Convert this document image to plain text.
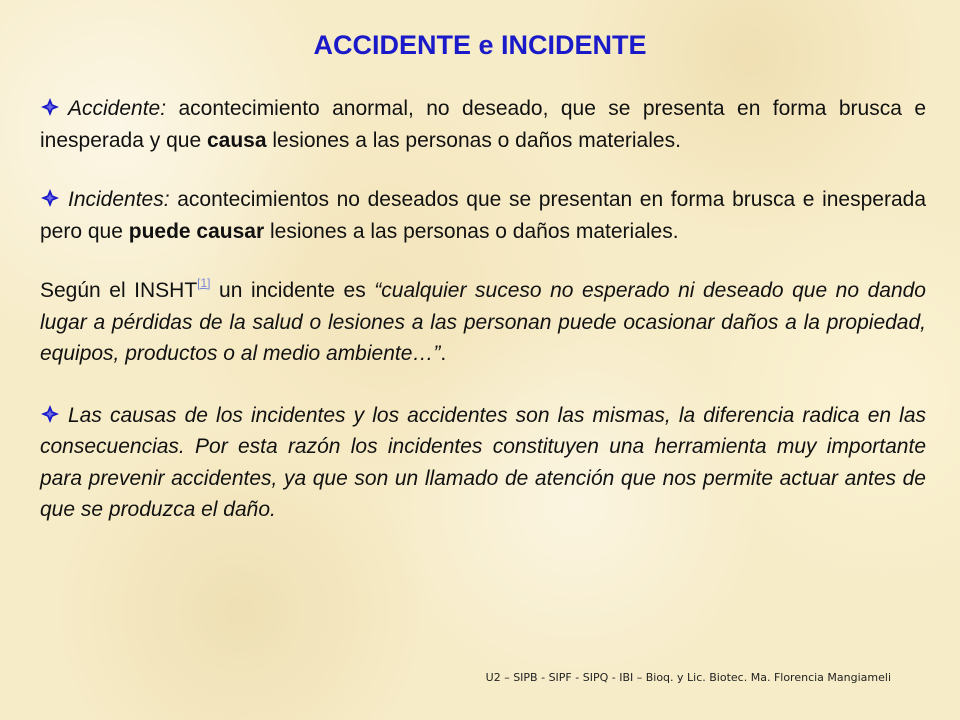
ACCIDENTE e INCIDENTE

Accidente: acontecimiento anormal, no deseado, que se presenta en forma brusca e inesperada y que causa lesiones a las personas o daños materiales.

Incidentes: acontecimientos no deseados que se presentan en forma brusca e inesperada pero que puede causar lesiones a las personas o daños materiales.

Según el INSHT[1] un incidente es “cualquier suceso no esperado ni deseado que no dando lugar a pérdidas de la salud o lesiones a las personan puede ocasionar daños a la propiedad, equipos, productos o al medio ambiente…”.

Las causas de los incidentes y los accidentes son las mismas, la diferencia radica en las consecuencias. Por esta razón los incidentes constituyen una herramienta muy importante para prevenir accidentes, ya que son un llamado de atención que nos permite actuar antes de que se produzca el daño.

U2 – SIPB - SIPF - SIPQ - IBI – Bioq. y Lic. Biotec. Ma. Florencia Mangiameli
